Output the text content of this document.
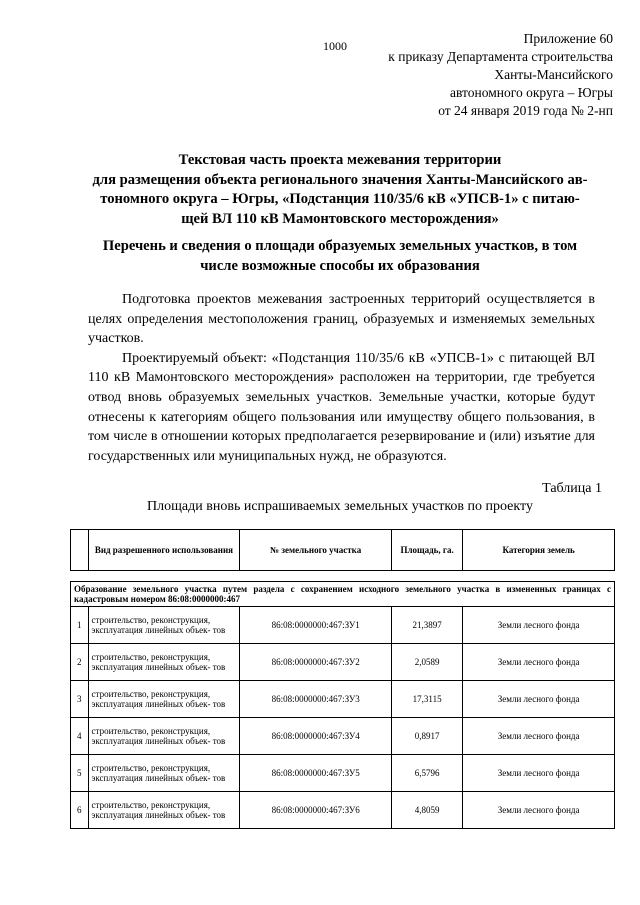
1000	Приложение 60
к приказу Департамента строительства
Ханты-Мансийского
автономного округа – Югры
от 24 января 2019 года № 2-нп
Текстовая часть проекта межевания территории
для размещения объекта регионального значения Ханты-Мансийского ав-
тономного округа – Югры, «Подстанция 110/35/6 кВ «УПСВ-1» с питаю-
щей ВЛ 110 кВ Мамонтовского месторождения»
Перечень и сведения о площади образуемых земельных участков, в том
числе возможные способы их образования

Подготовка проектов межевания застроенных территорий осуществляется в целях определения местоположения границ, образуемых и изменяемых земельных участков.

Проектируемый объект: «Подстанция 110/35/6 кВ «УПСВ-1» с питающей ВЛ 110 кВ Мамонтовского месторождения» расположен на территории, где требуется отвод вновь образуемых земельных участков. Земельные участки, которые будут отнесены к категориям общего пользования или имуществу общего пользования, в том числе в отношении которых предполагается резервирование и (или) изъятие для государственных или муниципальных нужд, не образуются.

Таблица 1
Площади вновь испрашиваемых земельных участков по проекту
	Вид разрешенного использования	№ земельного участка	Площадь, га.	Категория земель

Образование земельного участка путем раздела с сохранением исходного земельного участка в измененных границах с кадастровым номером 86:08:0000000:467				
1	строительство, реконструкция, эксплуатация линейных объек- тов	86:08:0000000:467:ЗУ1	21,3897	Земли лесного фонда
2	строительство, реконструкция, эксплуатация линейных объек- тов	86:08:0000000:467:ЗУ2	2,0589	Земли лесного фонда
3	строительство, реконструкция, эксплуатация линейных объек- тов	86:08:0000000:467:ЗУ3	17,3115	Земли лесного фонда
4	строительство, реконструкция, эксплуатация линейных объек- тов	86:08:0000000:467:ЗУ4	0,8917	Земли лесного фонда
5	строительство, реконструкция, эксплуатация линейных объек- тов	86:08:0000000:467:ЗУ5	6,5796	Земли лесного фонда
6	строительство, реконструкция, эксплуатация линейных объек- тов	86:08:0000000:467:ЗУ6	4,8059	Земли лесного фонда
